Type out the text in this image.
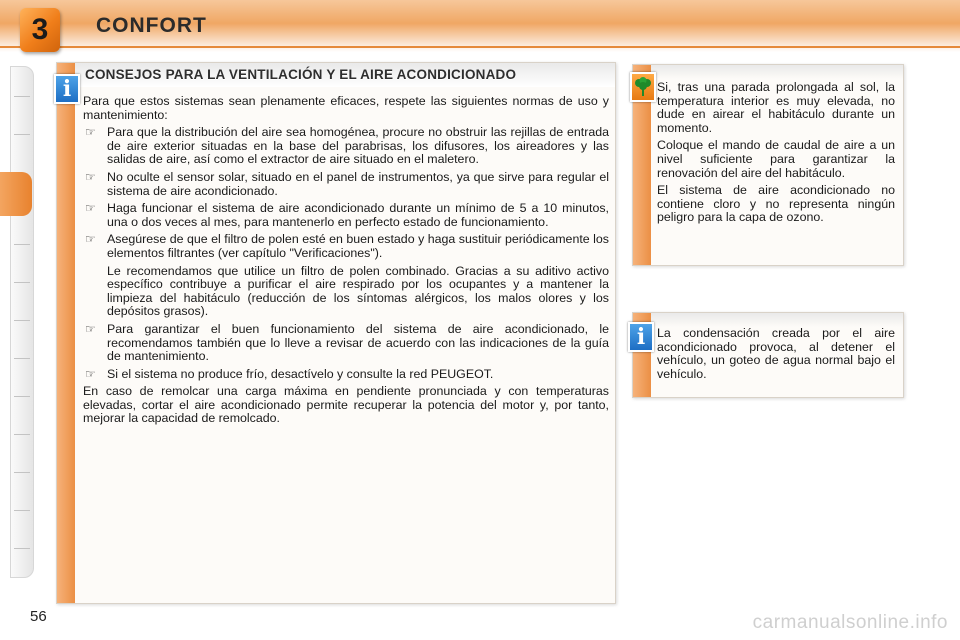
3 CONFORT
CONSEJOS PARA LA VENTILACIÓN Y EL AIRE ACONDICIONADO

Para que estos sistemas sean plenamente eficaces, respete las siguientes normas de uso y mantenimiento:

☞ Para que la distribución del aire sea homogénea, procure no obstruir las rejillas de entrada de aire exterior situadas en la base del parabrisas, los difusores, los aireadores y las salidas de aire, así como el extractor de aire situado en el maletero.
☞ No oculte el sensor solar, situado en el panel de instrumentos, ya que sirve para regular el sistema de aire acondicionado.
☞ Haga funcionar el sistema de aire acondicionado durante un mínimo de 5 a 10 minutos, una o dos veces al mes, para mantenerlo en perfecto estado de funcionamiento.
☞ Asegúrese de que el filtro de polen esté en buen estado y haga sustituir periódicamente los elementos filtrantes (ver capítulo "Verificaciones").

Le recomendamos que utilice un filtro de polen combinado. Gracias a su aditivo activo específico contribuye a purificar el aire respirado por los ocupantes y a mantener la limpieza del habitáculo (reducción de los síntomas alérgicos, los malos olores y los depósitos grasos).

☞ Para garantizar el buen funcionamiento del sistema de aire acondicionado, le recomendamos también que lo lleve a revisar de acuerdo con las indicaciones de la guía de mantenimiento.
☞ Si el sistema no produce frío, desactívelo y consulte la red PEUGEOT.

En caso de remolcar una carga máxima en pendiente pronunciada y con temperaturas elevadas, cortar el aire acondicionado permite recuperar la potencia del motor y, por tanto, mejorar la capacidad de remolcado.

i	Si, tras una parada prolongada al sol, la temperatura interior es muy elevada, no dude en airear el habitáculo durante un momento.

Coloque el mando de caudal de aire a un nivel suficiente para garantizar la renovación del aire del habitáculo.

El sistema de aire acondicionado no contiene cloro y no representa ningún peligro para la capa de ozono.

La condensación creada por el aire acondicionado provoca, al detener el vehículo, un goteo de agua normal bajo el vehículo.
i
56	carmanualsonline.info
